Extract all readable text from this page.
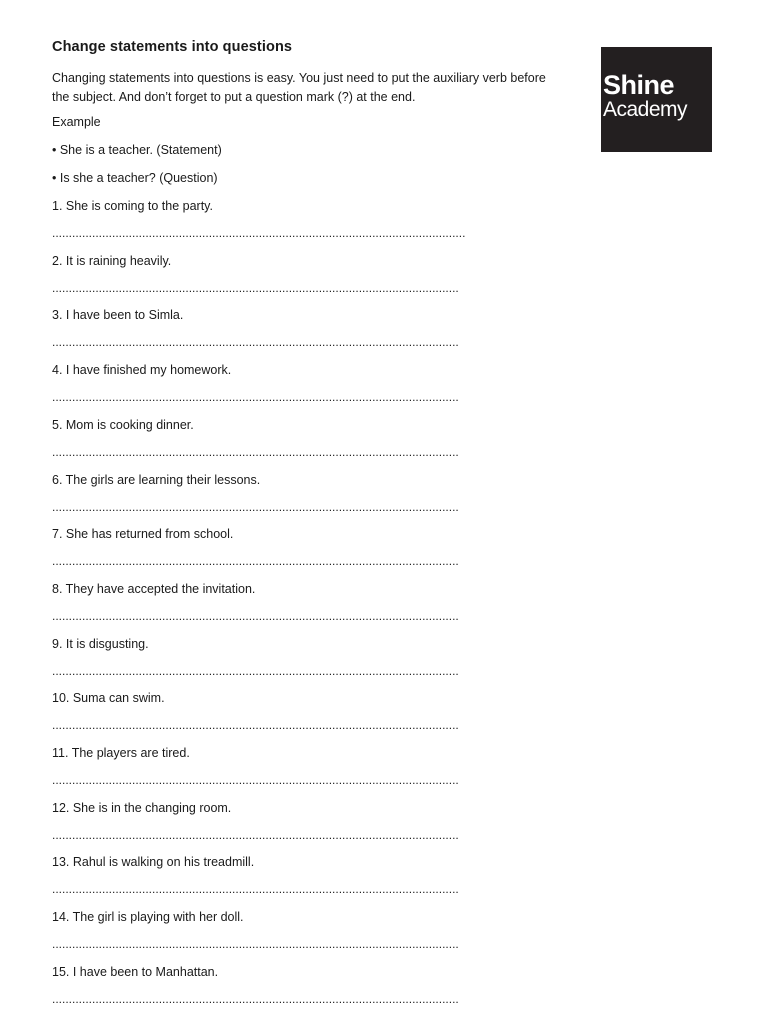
Change statements into questions

Changing statements into questions is easy. You just need to put the auxiliary verb before

the subject. And don’t forget to put a question mark (?) at the end.

Example
• She is a teacher. (Statement)
• Is she a teacher? (Question)
Shine
Academy
1. She is coming to the party.
............................................................................................................................
2. It is raining heavily.
..........................................................................................................................
3. I have been to Simla.
..........................................................................................................................
4. I have finished my homework.
..........................................................................................................................
5. Mom is cooking dinner.
..........................................................................................................................
6. The girls are learning their lessons.
..........................................................................................................................
7. She has returned from school.
..........................................................................................................................
8. They have accepted the invitation.
..........................................................................................................................
9. It is disgusting.
..........................................................................................................................
10. Suma can swim.
..........................................................................................................................
11. The players are tired.
..........................................................................................................................
12. She is in the changing room.
..........................................................................................................................
13. Rahul is walking on his treadmill.
..........................................................................................................................
14. The girl is playing with her doll.
..........................................................................................................................
15. I have been to Manhattan.
..........................................................................................................................
